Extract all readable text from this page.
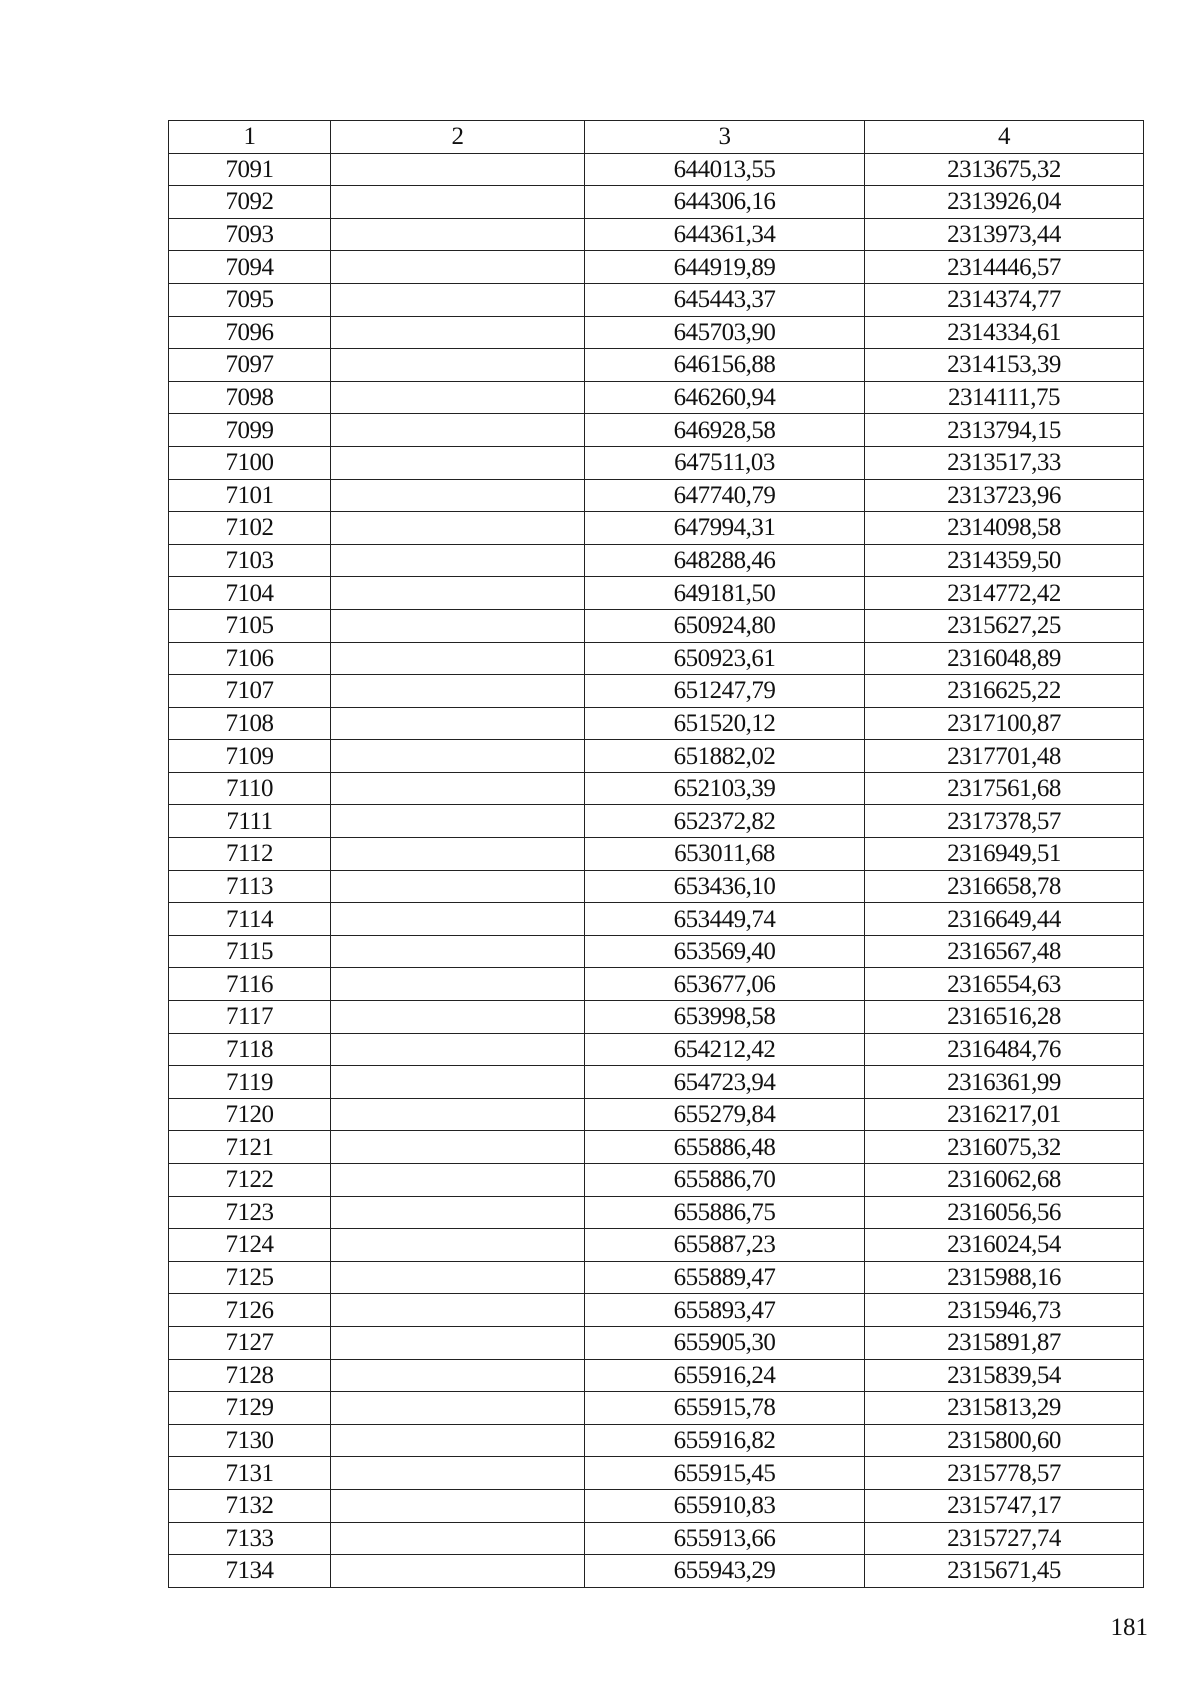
1	2	3	4
7091		644013,55	2313675,32
7092		644306,16	2313926,04
7093		644361,34	2313973,44
7094		644919,89	2314446,57
7095		645443,37	2314374,77
7096		645703,90	2314334,61
7097		646156,88	2314153,39
7098		646260,94	2314111,75
7099		646928,58	2313794,15
7100		647511,03	2313517,33
7101		647740,79	2313723,96
7102		647994,31	2314098,58
7103		648288,46	2314359,50
7104		649181,50	2314772,42
7105		650924,80	2315627,25
7106		650923,61	2316048,89
7107		651247,79	2316625,22
7108		651520,12	2317100,87
7109		651882,02	2317701,48
7110		652103,39	2317561,68
7111		652372,82	2317378,57
7112		653011,68	2316949,51
7113		653436,10	2316658,78
7114		653449,74	2316649,44
7115		653569,40	2316567,48
7116		653677,06	2316554,63
7117		653998,58	2316516,28
7118		654212,42	2316484,76
7119		654723,94	2316361,99
7120		655279,84	2316217,01
7121		655886,48	2316075,32
7122		655886,70	2316062,68
7123		655886,75	2316056,56
7124		655887,23	2316024,54
7125		655889,47	2315988,16
7126		655893,47	2315946,73
7127		655905,30	2315891,87
7128		655916,24	2315839,54
7129		655915,78	2315813,29
7130		655916,82	2315800,60
7131		655915,45	2315778,57
7132		655910,83	2315747,17
7133		655913,66	2315727,74
7134		655943,29	2315671,45
181
